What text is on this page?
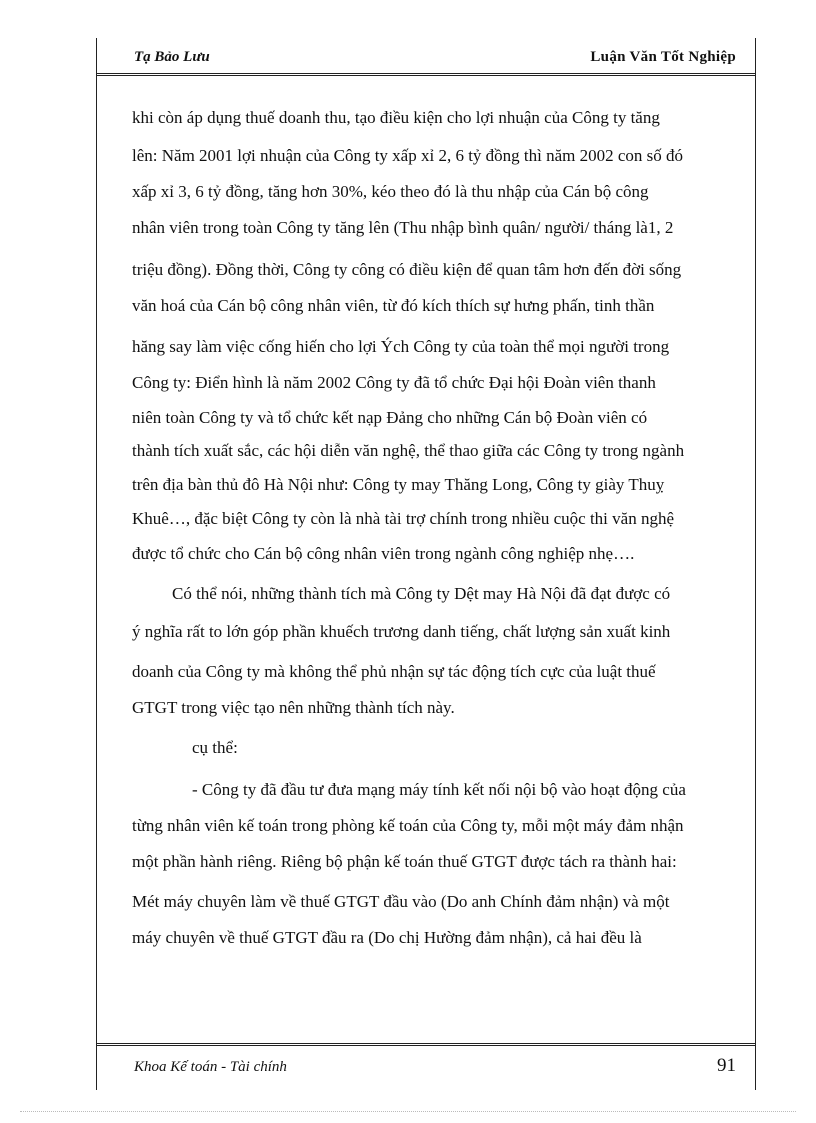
Tạ Bảo Lưu	Luận Văn Tốt Nghiệp
khi còn áp dụng thuế doanh thu, tạo điều kiện cho lợi nhuận của Công ty tăng
lên: Năm 2001 lợi nhuận của Công ty xấp xỉ 2, 6 tỷ đồng thì năm 2002 con số đó
xấp xỉ 3, 6 tỷ đồng, tăng hơn 30%, kéo theo đó là thu nhập của Cán bộ công
nhân viên trong toàn Công ty tăng lên (Thu nhập bình quân/ người/ tháng là1, 2
triệu đồng). Đồng thời, Công ty công có điều kiện để quan tâm hơn đến đời sống
văn hoá của Cán bộ công nhân viên, từ đó kích thích sự hưng phấn, tinh thần
hăng say làm việc cống hiến cho lợi Ých Công ty của toàn thể mọi người trong
Công ty: Điển hình là năm 2002 Công ty đã tổ chức Đại hội Đoàn viên thanh
niên toàn Công ty và tổ chức kết nạp Đảng cho những Cán bộ Đoàn viên có
thành tích xuất sắc, các hội diễn văn nghệ, thể thao giữa các Công ty trong ngành
trên địa bàn thủ đô Hà Nội như: Công ty may Thăng Long, Công ty giày Thuỵ
Khuê…, đặc biệt Công ty còn là nhà tài trợ chính trong nhiều cuộc thi văn nghệ
được tổ chức cho Cán bộ công nhân viên trong ngành công nghiệp nhẹ….
Có thể nói, những thành tích mà Công ty Dệt may Hà Nội đã đạt được có
ý nghĩa rất to lớn góp phần khuếch trương danh tiếng, chất lượng sản xuất kinh
doanh của Công ty mà không thể phủ nhận sự tác động tích cực của luật thuế
GTGT trong việc tạo nên những thành tích này.
cụ thể:
- Công ty đã đầu tư đưa mạng máy tính kết nối nội bộ vào hoạt động của
từng nhân viên kế toán trong phòng kế toán của Công ty, mỗi một máy đảm nhận
một phần hành riêng. Riêng bộ phận kế toán thuế GTGT được tách ra thành hai:
Mét máy chuyên làm về thuế GTGT đầu vào (Do anh Chính đảm nhận) và một
máy chuyên về thuế GTGT đầu ra (Do chị Hường đảm nhận), cả hai đều là
Khoa Kế toán - Tài chính	91
